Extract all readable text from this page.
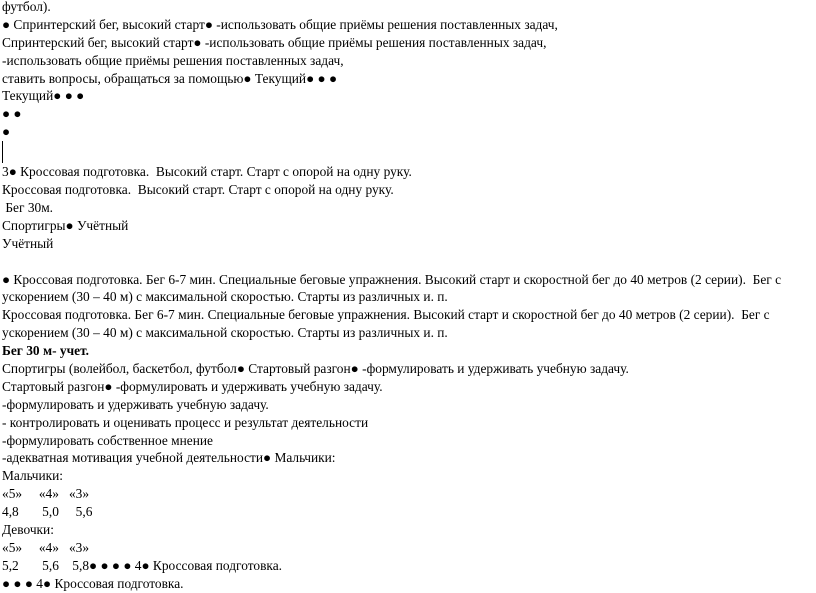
футбол).
● Спринтерский бег, высокий старт● -использовать общие приёмы решения поставленных задач,
Спринтерский бег, высокий старт● -использовать общие приёмы решения поставленных задач,
-использовать общие приёмы решения поставленных задач,
ставить вопросы, обращаться за помощью● Текущий● ● ●
Текущий● ● ●
● ●
●
3● Кроссовая подготовка.  Высокий старт. Старт с опорой на одну руку.
Кроссовая подготовка.  Высокий старт. Старт с опорой на одну руку.
Бег 30м.
Спортигры● Учётный
Учётный
● Кроссовая подготовка. Бег 6-7 мин. Специальные беговые упражнения. Высокий старт и скоростной бег до 40 метров (2 серии).  Бег с
ускорением (30 – 40 м) с максимальной скоростью. Старты из различных и. п.
Кроссовая подготовка. Бег 6-7 мин. Специальные беговые упражнения. Высокий старт и скоростной бег до 40 метров (2 серии).  Бег с
ускорением (30 – 40 м) с максимальной скоростью. Старты из различных и. п.
Бег 30 м- учет.
Спортигры (волейбол, баскетбол, футбол● Стартовый разгон● -формулировать и удерживать учебную задачу.
Стартовый разгон● -формулировать и удерживать учебную задачу.
-формулировать и удерживать учебную задачу.
- контролировать и оценивать процесс и результат деятельности
-формулировать собственное мнение
-адекватная мотивация учебной деятельности● Мальчики:
Мальчики:
«5»     «4»   «3»
4,8       5,0     5,6
Девочки:
«5»     «4»   «3»
5,2       5,6    5,8● ● ● ● 4● Кроссовая подготовка.
● ● ● 4● Кроссовая подготовка.
